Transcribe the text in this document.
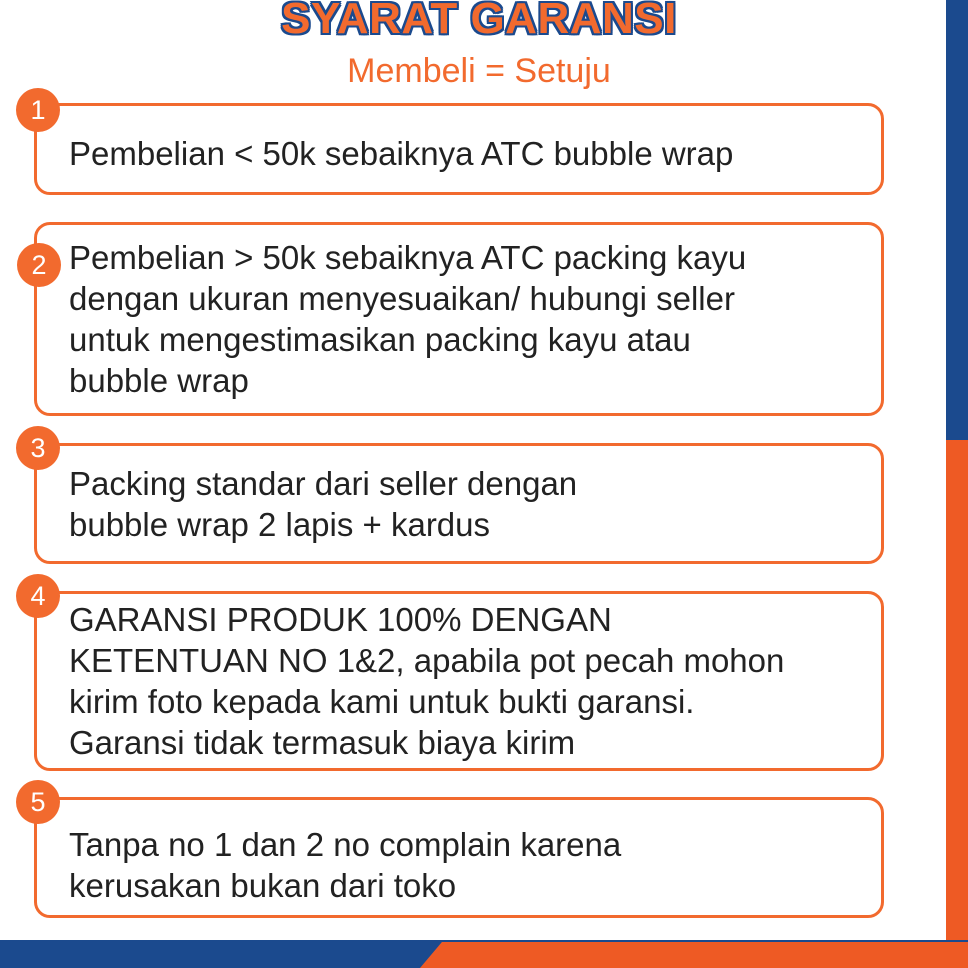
SYARAT GARANSI
Membeli = Setuju
Pembelian < 50k sebaiknya ATC bubble wrap
1
Pembelian > 50k sebaiknya ATC packing kayu
dengan ukuran menyesuaikan/ hubungi seller
untuk mengestimasikan packing kayu atau
bubble wrap
2
Packing standar dari seller dengan
bubble wrap 2 lapis + kardus
3
GARANSI PRODUK 100% DENGAN
KETENTUAN NO 1&2, apabila pot pecah mohon
kirim foto kepada kami untuk bukti garansi.
Garansi tidak termasuk biaya kirim
4
Tanpa no 1 dan 2 no complain karena
kerusakan bukan dari toko
5
